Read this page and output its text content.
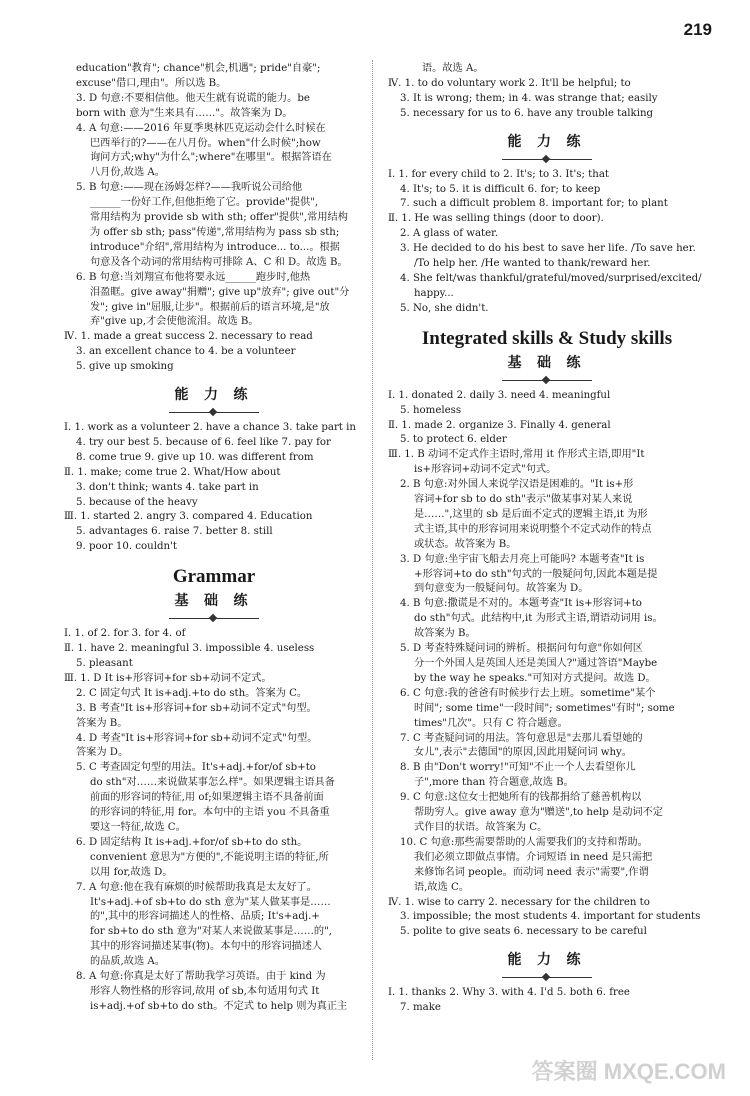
219
education"教育"; chance"机会,机遇"; pride"自豪";
excuse"借口,理由"。所以选 B。
3. D 句意:不要相信他。他天生就有说谎的能力。be
born with 意为"生来具有……"。故答案为 D。
4. A 句意:——2016 年夏季奥林匹克运动会什么时候在
巴西举行的?——在八月份。when"什么时候";how
询问方式;why"为什么";where"在哪里"。根据答语在
八月份,故选 A。
5. B 句意:——现在汤姆怎样?——我听说公司给他
______一份好工作,但他拒绝了它。provide"提供",
常用结构为 provide sb with sth; offer"提供",常用结构
为 offer sb sth; pass"传递",常用结构为 pass sb sth;
introduce"介绍",常用结构为 introduce... to...。根据
句意及各个动词的常用结构可排除 A、C 和 D。故选 B。
6. B 句意:当刘翔宣布他将要永远______跑步时,他热
泪盈眶。give away"捐赠"; give up"放弃"; give out"分
发"; give in"屈服,让步"。根据前后的语言环境,是"放
弃"give up,才会使他流泪。故选 B。
Ⅳ. 1. made a great success 2. necessary to read
3. an excellent chance to 4. be a volunteer
5. give up smoking
能 力 练
Ⅰ. 1. work as a volunteer 2. have a chance 3. take part in
4. try our best 5. because of 6. feel like 7. pay for
8. come true 9. give up 10. was different from
Ⅱ. 1. make; come true 2. What/How about
3. don't think; wants 4. take part in
5. because of the heavy
Ⅲ. 1. started 2. angry 3. compared 4. Education
5. advantages 6. raise 7. better 8. still
9. poor 10. couldn't
Grammar
基 础 练
Ⅰ. 1. of 2. for 3. for 4. of
Ⅱ. 1. have 2. meaningful 3. impossible 4. useless
5. pleasant
Ⅲ. 1. D It is+形容词+for sb+动词不定式。
2. C 固定句式 It is+adj.+to do sth。答案为 C。
3. B 考查"It is+形容词+for sb+动词不定式"句型。
答案为 B。
4. D 考查"It is+形容词+for sb+动词不定式"句型。
答案为 D。
5. C 考查固定句型的用法。It's+adj.+for/of sb+to
do sth"对……来说做某事怎么样"。如果逻辑主语具备
前面的形容词的特征,用 of;如果逻辑主语不具备前面
的形容词的特征,用 for。本句中的主语 you 不具备重
要这一特征,故选 C。
6. D 固定结构 It is+adj.+for/of sb+to do sth。
convenient 意思为"方便的",不能说明主语的特征,所
以用 for,故选 D。
7. A 句意:他在我有麻烦的时候帮助我真是太友好了。
It's+adj.+of sb+to do sth 意为"某人做某事是……
的",其中的形容词描述人的性格、品质; It's+adj.+
for sb+to do sth 意为"对某人来说做某事是……的",
其中的形容词描述某事(物)。本句中的形容词描述人
的品质,故选 A。
8. A 句意:你真是太好了帮助我学习英语。由于 kind 为
形容人物性格的形容词,故用 of sb,本句适用句式 It
is+adj.+of sb+to do sth。不定式 to help 则为真正主
语。故选 A。
Ⅳ. 1. to do voluntary work 2. It'll be helpful; to
3. It is wrong; them; in 4. was strange that; easily
5. necessary for us to 6. have any trouble talking
能 力 练
Ⅰ. 1. for every child to 2. It's; to 3. It's; that
4. It's; to 5. it is difficult 6. for; to keep
7. such a difficult problem 8. important for; to plant
Ⅱ. 1. He was selling things (door to door).
2. A glass of water.
3. He decided to do his best to save her life. /To save her.
/To help her. /He wanted to thank/reward her.
4. She felt/was thankful/grateful/moved/surprised/excited/
happy...
5. No, she didn't.
Integrated skills & Study skills
基 础 练
Ⅰ. 1. donated 2. daily 3. need 4. meaningful
5. homeless
Ⅱ. 1. made 2. organize 3. Finally 4. general
5. to protect 6. elder
Ⅲ. 1. B 动词不定式作主语时,常用 it 作形式主语,即用"It
is+形容词+动词不定式"句式。
2. B 句意:对外国人来说学汉语是困难的。"It is+形
容词+for sb to do sth"表示"做某事对某人来说
是……",这里的 sb 是后面不定式的逻辑主语,it 为形
式主语,其中的形容词用来说明整个不定式动作的特点
或状态。故答案为 B。
3. D 句意:坐宇宙飞船去月亮上可能吗? 本题考查"It is
+形容词+to do sth"句式的一般疑问句,因此本题是提
到句意变为一般疑问句。故答案为 D。
4. B 句意:撒谎是不对的。本题考查"It is+形容词+to
do sth"句式。此结构中,it 为形式主语,谓语动词用 is。
故答案为 B。
5. D 考查特殊疑问词的辨析。根据问句句意"你如何区
分一个外国人是英国人还是美国人?"通过答语"Maybe
by the way he speaks."可知对方式提问。故选 D。
6. C 句意:我的爸爸有时候步行去上班。sometime"某个
时间"; some time"一段时间"; sometimes"有时"; some
times"几次"。只有 C 符合题意。
7. C 考查疑问词的用法。答句意思是"去那儿看望她的
女儿",表示"去德国"的原因,因此用疑问词 why。
8. B 由"Don't worry!"可知"不止一个人去看望你儿
子",more than 符合题意,故选 B。
9. C 句意:这位女士把她所有的钱都捐给了慈善机构以
帮助穷人。give away 意为"赠送",to help 是动词不定
式作目的状语。故答案为 C。
10. C 句意:那些需要帮助的人需要我们的支持和帮助。
我们必须立即做点事情。介词短语 in need 是只需把
来修饰名词 people。而动词 need 表示"需要",作谓
语,故选 C。
Ⅳ. 1. wise to carry 2. necessary for the children to
3. impossible; the most students 4. important for students
5. polite to give seats 6. necessary to be careful
能 力 练
Ⅰ. 1. thanks 2. Why 3. with 4. I'd 5. both 6. free
7. make
答案圈 MXQE.COM
